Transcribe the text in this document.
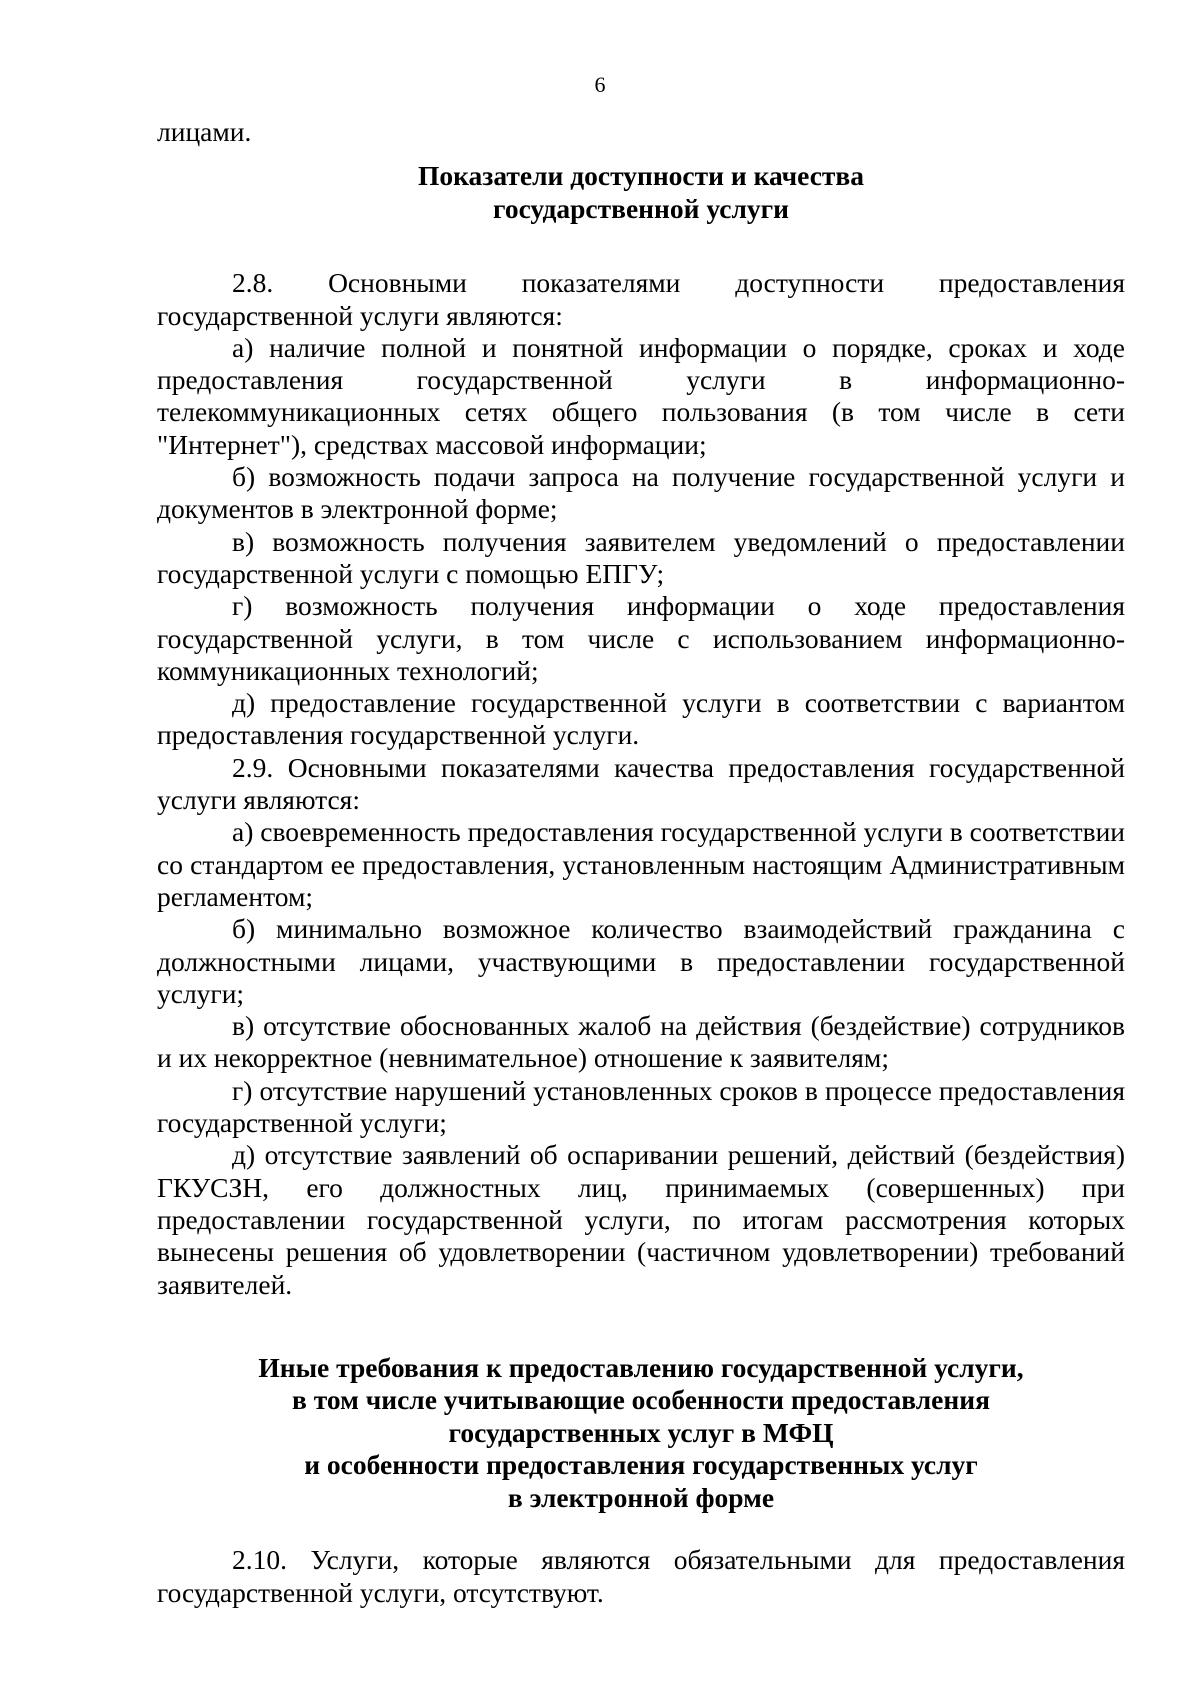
6

лицами.

Показатели доступности и качества
государственной услуги

2.8. Основными показателями доступности предоставления государственной услуги являются:

а) наличие полной и понятной информации о порядке, сроках и ходе предоставления государственной услуги в информационно-телекоммуникационных сетях общего пользования (в том числе в сети "Интернет"), средствах массовой информации;

б) возможность подачи запроса на получение государственной услуги и документов в электронной форме;

в) возможность получения заявителем уведомлений о предоставлении государственной услуги с помощью ЕПГУ;

г) возможность получения информации о ходе предоставления государственной услуги, в том числе с использованием информационно-коммуникационных технологий;

д) предоставление государственной услуги в соответствии с вариантом предоставления государственной услуги.

2.9. Основными показателями качества предоставления государственной услуги являются:

а) своевременность предоставления государственной услуги в соответствии со стандартом ее предоставления, установленным настоящим Административным регламентом;

б) минимально возможное количество взаимодействий гражданина с должностными лицами, участвующими в предоставлении государственной услуги;

в) отсутствие обоснованных жалоб на действия (бездействие) сотрудников и их некорректное (невнимательное) отношение к заявителям;

г) отсутствие нарушений установленных сроков в процессе предоставления государственной услуги;

д) отсутствие заявлений об оспаривании решений, действий (бездействия) ГКУСЗН, его должностных лиц, принимаемых (совершенных) при предоставлении государственной услуги, по итогам рассмотрения которых вынесены решения об удовлетворении (частичном удовлетворении) требований заявителей.

Иные требования к предоставлению государственной услуги,
в том числе учитывающие особенности предоставления
государственных услуг в МФЦ
и особенности предоставления государственных услуг
в электронной форме

2.10. Услуги, которые являются обязательными для предоставления государственной услуги, отсутствуют.
